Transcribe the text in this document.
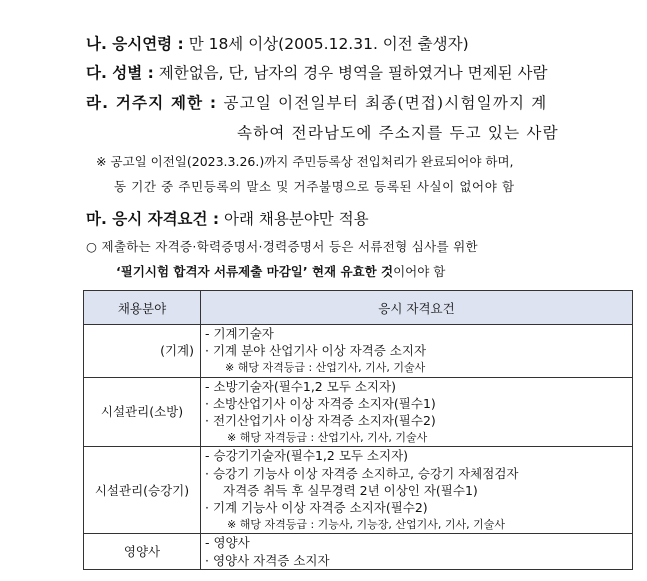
나. 응시연령 : 만 18세 이상(2005.12.31. 이전 출생자)
다. 성별 : 제한없음, 단, 남자의 경우 병역을 필하였거나 면제된 사람
라. 거주지 제한 : 공고일 이전일부터 최종(면접)시험일까지 계
속하여 전라남도에 주소지를 두고 있는 사람
※ 공고일 이전일(2023.3.26.)까지 주민등록상 전입처리가 완료되어야 하며,
동 기간 중 주민등록의 말소 및 거주불명으로 등록된 사실이 없어야 함
마. 응시 자격요건 : 아래 채용분야만 적용
○ 제출하는 자격증·학력증명서·경력증명서 등은 서류전형 심사를 위한
‘필기시험 합격자 서류제출 마감일’ 현재 유효한 것이어야 함
채용분야	응시 자격요건
(기계)	- 기계기술자
· 기계 분야 산업기사 이상 자격증 소지자
※ 해당 자격등급 : 산업기사, 기사, 기술사

시설관리(소방)	- 소방기술자(필수1,2 모두 소지자)
· 소방산업기사 이상 자격증 소지자(필수1)
· 전기산업기사 이상 자격증 소지자(필수2)
※ 해당 자격등급 : 산업기사, 기사, 기술사

시설관리(승강기)	- 승강기기술자(필수1,2 모두 소지자)
· 승강기 기능사 이상 자격증 소지하고, 승강기 자체점검자
자격증 취득 후 실무경력 2년 이상인 자(필수1)
· 기계 기능사 이상 자격증 소지자(필수2)
※ 해당 자격등급 : 기능사, 기능장, 산업기사, 기사, 기술사

영양사	- 영양사
· 영양사 자격증 소지자
